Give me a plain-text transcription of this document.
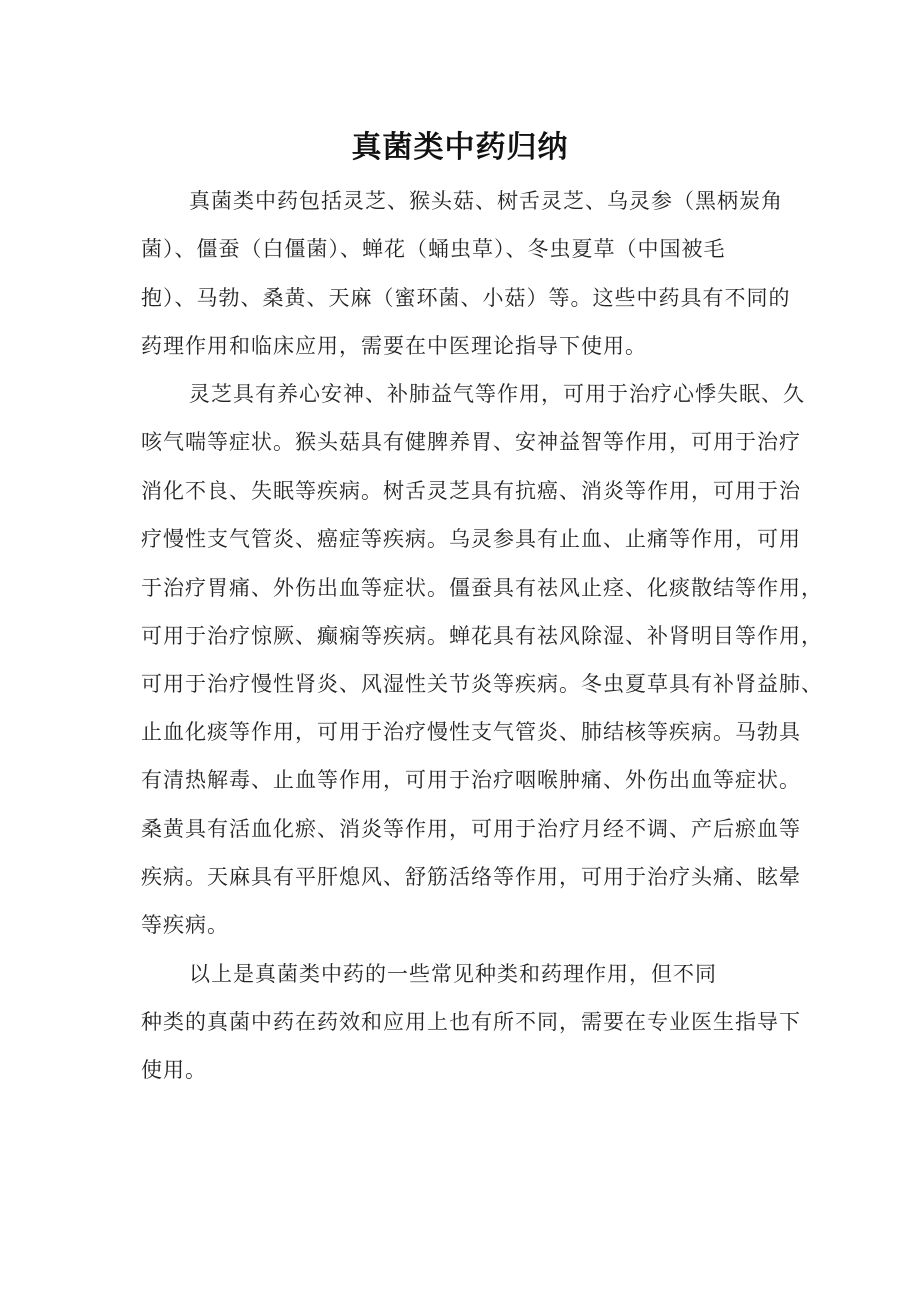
真菌类中药归纳
真菌类中药包括灵芝、猴头菇、树舌灵芝、乌灵参（黑柄炭角
菌）、僵蚕（白僵菌）、蝉花（蛹虫草）、冬虫夏草（中国被毛
抱）、马勃、桑黄、天麻（蜜环菌、小菇）等。这些中药具有不同的
药理作用和临床应用，需要在中医理论指导下使用。
灵芝具有养心安神、补肺益气等作用，可用于治疗心悸失眠、久
咳气喘等症状。猴头菇具有健脾养胃、安神益智等作用，可用于治疗
消化不良、失眠等疾病。树舌灵芝具有抗癌、消炎等作用，可用于治
疗慢性支气管炎、癌症等疾病。乌灵参具有止血、止痛等作用，可用
于治疗胃痛、外伤出血等症状。僵蚕具有祛风止痉、化痰散结等作用，
可用于治疗惊厥、癫痫等疾病。蝉花具有祛风除湿、补肾明目等作用，
可用于治疗慢性肾炎、风湿性关节炎等疾病。冬虫夏草具有补肾益肺、
止血化痰等作用，可用于治疗慢性支气管炎、肺结核等疾病。马勃具
有清热解毒、止血等作用，可用于治疗咽喉肿痛、外伤出血等症状。
桑黄具有活血化瘀、消炎等作用，可用于治疗月经不调、产后瘀血等
疾病。天麻具有平肝熄风、舒筋活络等作用，可用于治疗头痛、眩晕
等疾病。
以上是真菌类中药的一些常见种类和药理作用，但不同
种类的真菌中药在药效和应用上也有所不同，需要在专业医生指导下
使用。
